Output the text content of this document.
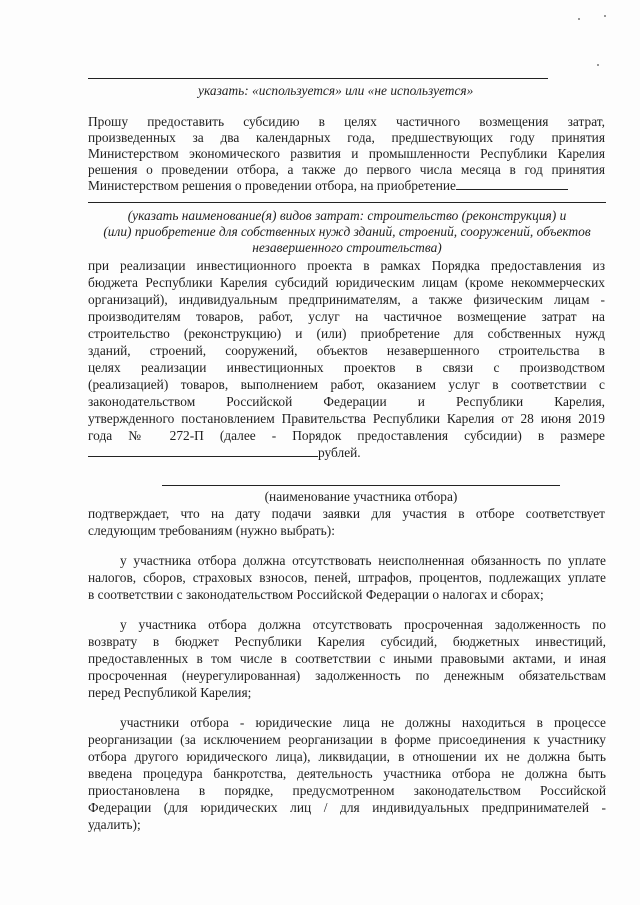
указать: «используется» или «не используется»
Прошу предоставить субсидию в целях частичного возмещения затрат,
произведенных за два календарных года, предшествующих году принятия
Министерством экономического развития и промышленности Республики Карелия
решения о проведении отбора, а также до первого числа месяца в год принятия
Министерством решения о проведении отбора, на приобретение
(указать наименование(я) видов затрат: строительство (реконструкция) и
(или) приобретение для собственных нужд зданий, строений, сооружений, объектов
незавершенного строительства)
при реализации инвестиционного проекта в рамках Порядка предоставления из
бюджета Республики Карелия субсидий юридическим лицам (кроме некоммерческих
организаций), индивидуальным предпринимателям, а также физическим лицам -
производителям товаров, работ, услуг на частичное возмещение затрат на
строительство (реконструкцию) и (или) приобретение для собственных нужд
зданий, строений, сооружений, объектов незавершенного строительства в
целях реализации инвестиционных проектов в связи с производством
(реализацией) товаров, выполнением работ, оказанием услуг в соответствии с
законодательством Российской Федерации и Республики Карелия,
утвержденного постановлением Правительства Республики Карелия от 28 июня 2019
года № 272-П (далее - Порядок предоставления субсидии) в размере
рублей.
(наименование участника отбора)
подтверждает, что на дату подачи заявки для участия в отборе соответствует
следующим требованиям (нужно выбрать):
у участника отбора должна отсутствовать неисполненная обязанность по уплате
налогов, сборов, страховых взносов, пеней, штрафов, процентов, подлежащих уплате
в соответствии с законодательством Российской Федерации о налогах и сборах;
у участника отбора должна отсутствовать просроченная задолженность по
возврату в бюджет Республики Карелия субсидий, бюджетных инвестиций,
предоставленных в том числе в соответствии с иными правовыми актами, и иная
просроченная (неурегулированная) задолженность по денежным обязательствам
перед Республикой Карелия;
участники отбора - юридические лица не должны находиться в процессе
реорганизации (за исключением реорганизации в форме присоединения к участнику
отбора другого юридического лица), ликвидации, в отношении их не должна быть
введена процедура банкротства, деятельность участника отбора не должна быть
приостановлена в порядке, предусмотренном законодательством Российской
Федерации (для юридических лиц / для индивидуальных предпринимателей -
удалить);
